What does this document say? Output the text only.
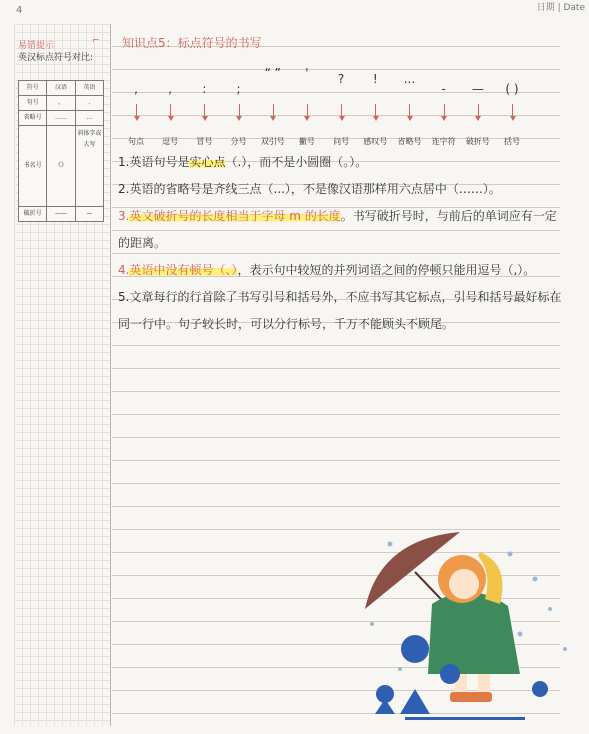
4	日期 | Date
易错提示	⌐
英汉标点符号对比:
符号	汉语	英语
句号	。	.
省略号	……	...
书名号	《》	斜体字或大写
破折号	——	—
知识点5：标点符号的书写
,
句点
,
逗号
:
冒号
;
分号
“ ”
双引号
'
撇号
?
问号
!
感叹号
...
省略号
-
连字符
—
破折号
( )
括号

1.英语句号是实心点（.），而不是小圆圈（。）。

2.英语的省略号是齐线三点（...），不是像汉语那样用六点居中（……）。

3.英文破折号的长度相当于字母 m 的长度。书写破折号时，与前后的单词应有一定的距离。

4.英语中没有顿号（、），表示句中较短的并列词语之间的停顿只能用逗号（,）。

5.文章每行的行首除了书写引号和括号外，不应书写其它标点，引号和括号最好标在同一行中。句子较长时，可以分行标号，千万不能顾头不顾尾。
